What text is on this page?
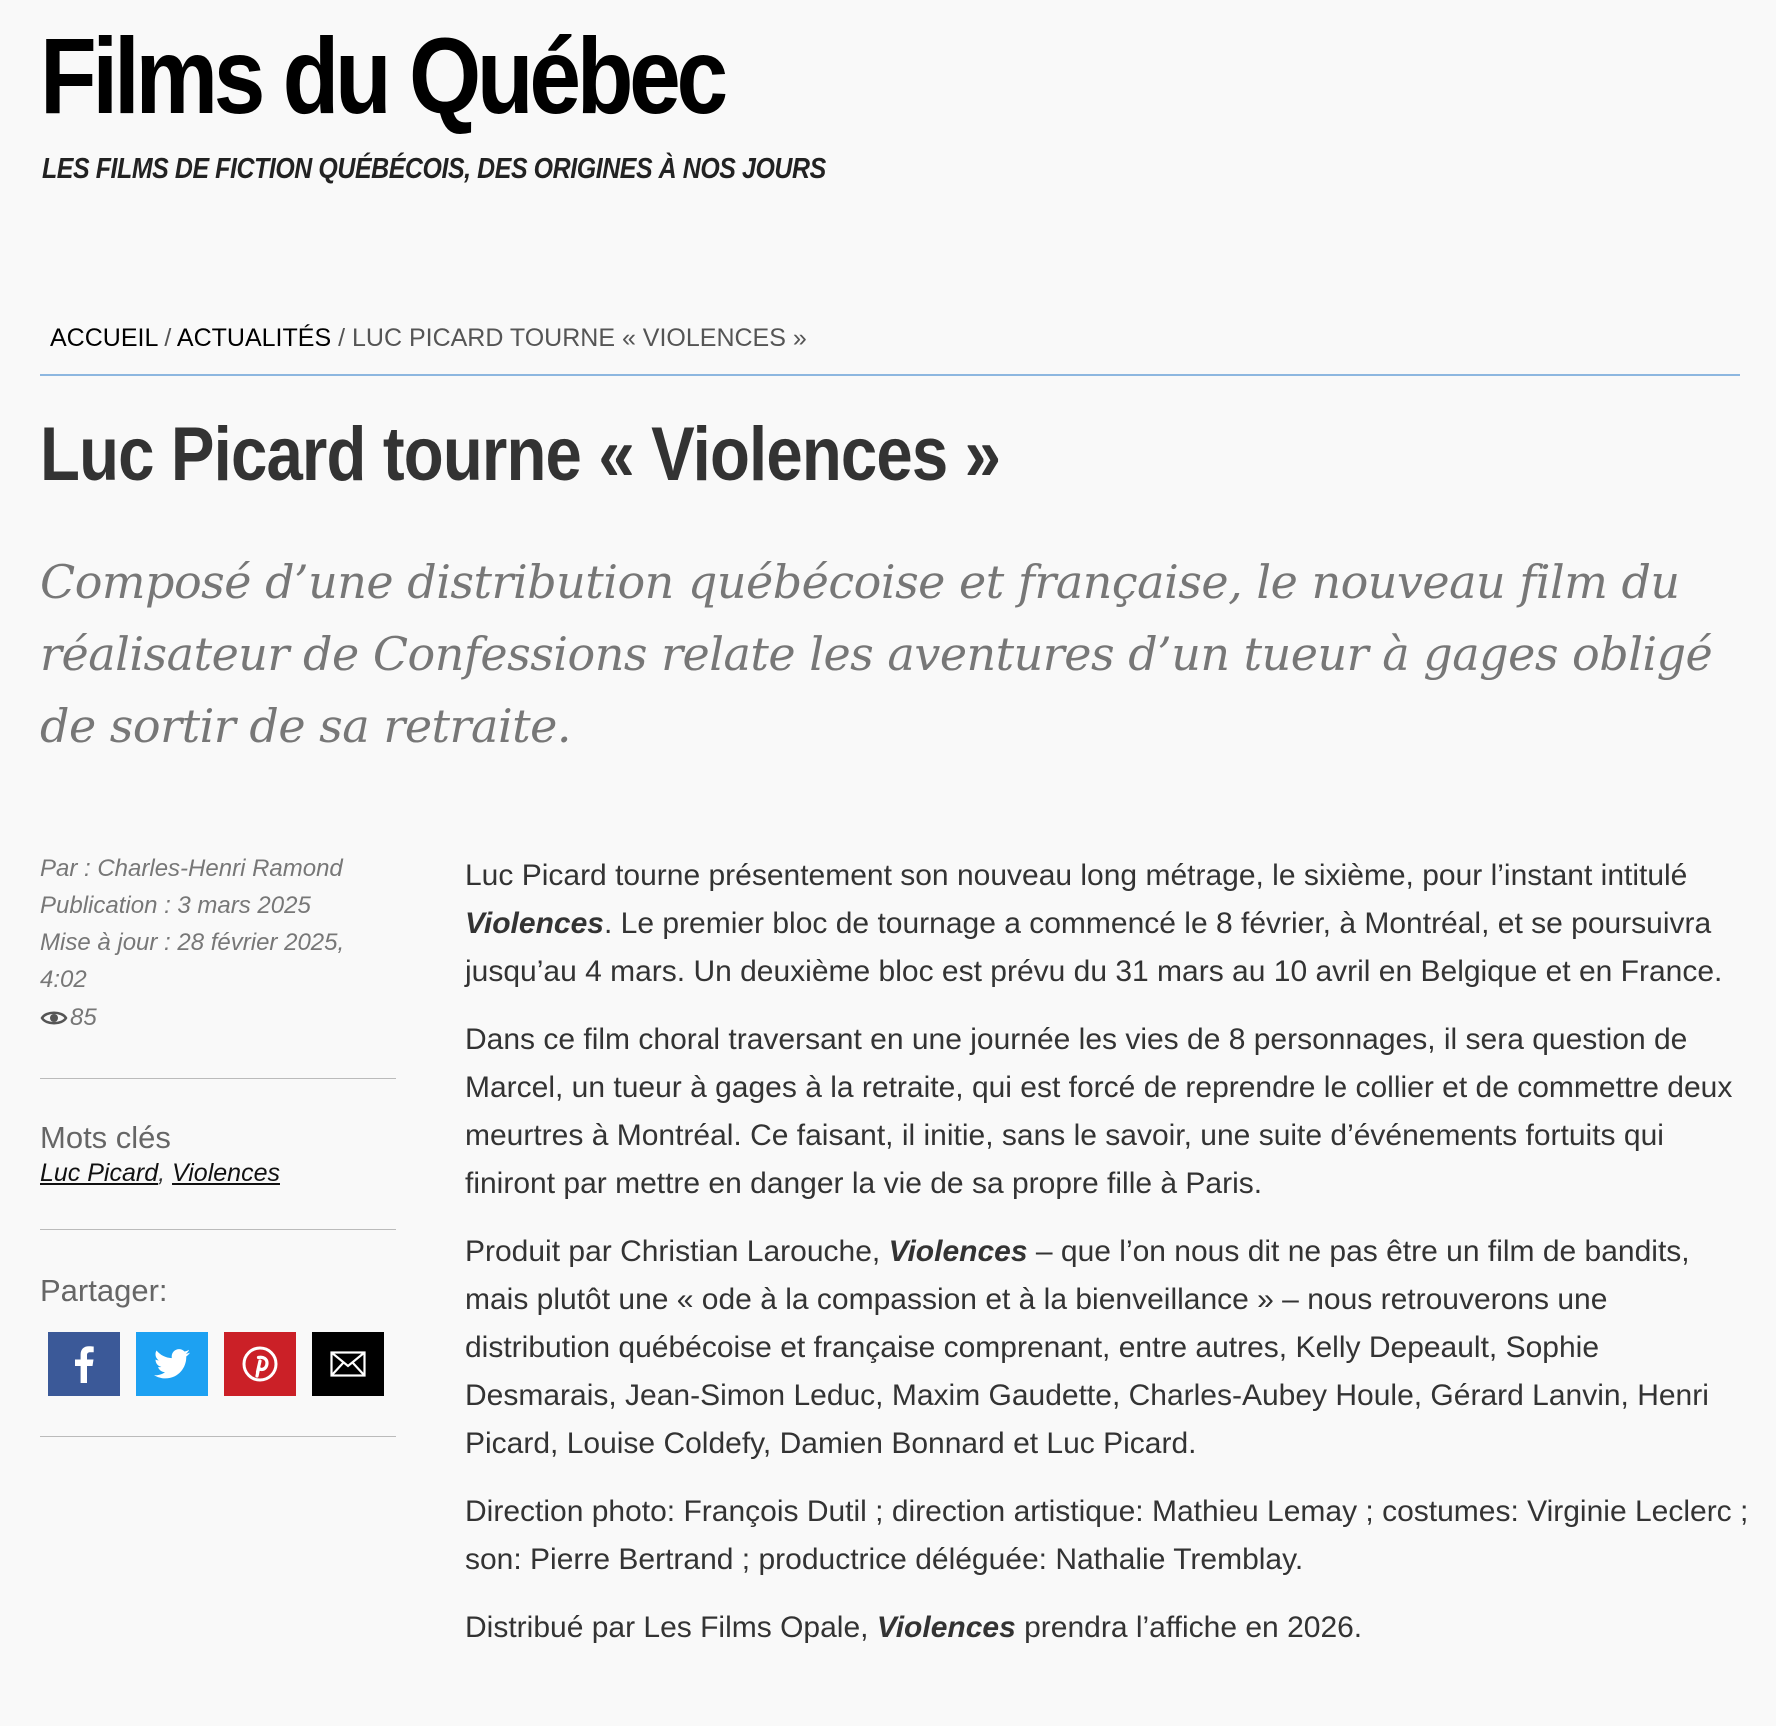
Films du Québec
LES FILMS DE FICTION QUÉBÉCOIS, DES ORIGINES À NOS JOURS
ACCUEIL / ACTUALITÉS / LUC PICARD TOURNE « VIOLENCES »
Luc Picard tourne « Violences »

Composé d’une distribution québécoise et française, le nouveau film du réalisateur de Confessions relate les aventures d’un tueur à gages obligé de sortir de sa retraite.

Par : Charles-Henri Ramond
Publication : 3 mars 2025
Mise à jour : 28 février 2025, 4:02
85
Mots clés
Luc Picard, Violences
Partager:

Luc Picard tourne présentement son nouveau long métrage, le sixième, pour l’instant intitulé Violences. Le premier bloc de tournage a commencé le 8 février, à Montréal, et se poursuivra jusqu’au 4 mars. Un deuxième bloc est prévu du 31 mars au 10 avril en Belgique et en France.

Dans ce film choral traversant en une journée les vies de 8 personnages, il sera question de Marcel, un tueur à gages à la retraite, qui est forcé de reprendre le collier et de commettre deux meurtres à Montréal. Ce faisant, il initie, sans le savoir, une suite d’événements fortuits qui finiront par mettre en danger la vie de sa propre fille à Paris.

Produit par Christian Larouche, Violences – que l’on nous dit ne pas être un film de bandits, mais plutôt une « ode à la compassion et à la bienveillance » – nous retrouverons une distribution québécoise et française comprenant, entre autres, Kelly Depeault, Sophie Desmarais, Jean-Simon Leduc, Maxim Gaudette, Charles-Aubey Houle, Gérard Lanvin, Henri Picard, Louise Coldefy, Damien Bonnard et Luc Picard.

Direction photo: François Dutil ; direction artistique: Mathieu Lemay ; costumes: Virginie Leclerc ; son: Pierre Bertrand ; productrice déléguée: Nathalie Tremblay.

Distribué par Les Films Opale, Violences prendra l’affiche en 2026.
